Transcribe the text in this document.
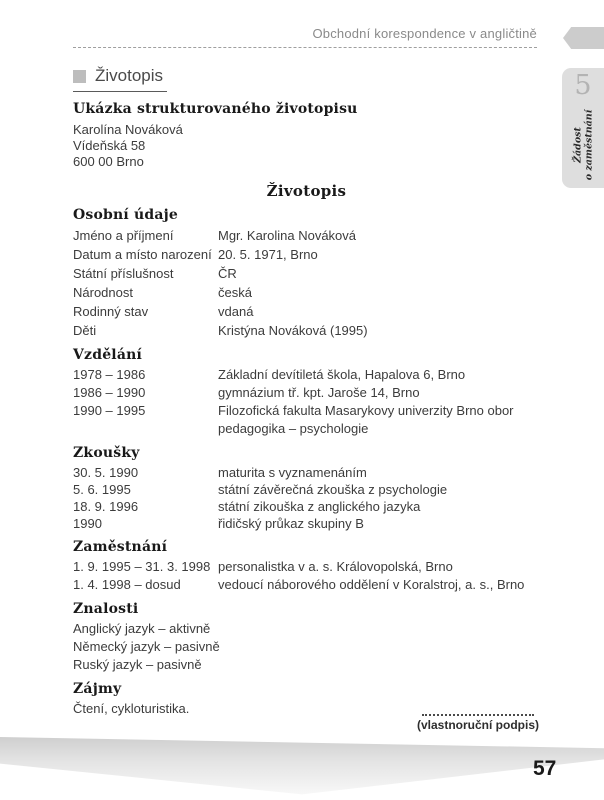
Obchodní korespondence v angličtině
5
Žádost o zaměstnání
Životopis
Ukázka strukturovaného životopisu
Karolína Nováková
Vídeňská 58
600 00 Brno
Životopis
Osobní údaje
Jméno a příjmení	Mgr. Karolina Nováková
Datum a místo narození 20. 5. 1971, Brno
Státní příslušnost	ČR
Národnost	česká
Rodinný stav	vdaná
Děti	Kristýna Nováková (1995)
Vzdělání
1978 – 1986	Základní devítiletá škola, Hapalova 6, Brno
1986 – 1990	gymnázium tř. kpt. Jaroše 14, Brno
1990 – 1995	Filozofická fakulta Masarykovy univerzity Brno obor pedagogika – psychologie
Zkoušky
30. 5. 1990	maturita s vyznamenáním
5. 6. 1995	státní závěrečná zkouška z psychologie
18. 9. 1996	státní zikouška z anglického jazyka
1990	řidičský průkaz skupiny B
Zaměstnání
1. 9. 1995 – 31. 3. 1998 personalistka v a. s. Královopolská, Brno
1. 4. 1998 – dosud	vedoucí náborového oddělení v Koralstroj, a. s., Brno
Znalosti
Anglický jazyk – aktivně
Německý jazyk – pasivně
Ruský jazyk – pasivně
Zájmy
Čtení, cykloturistika.
(vlastnoruční podpis)
57
